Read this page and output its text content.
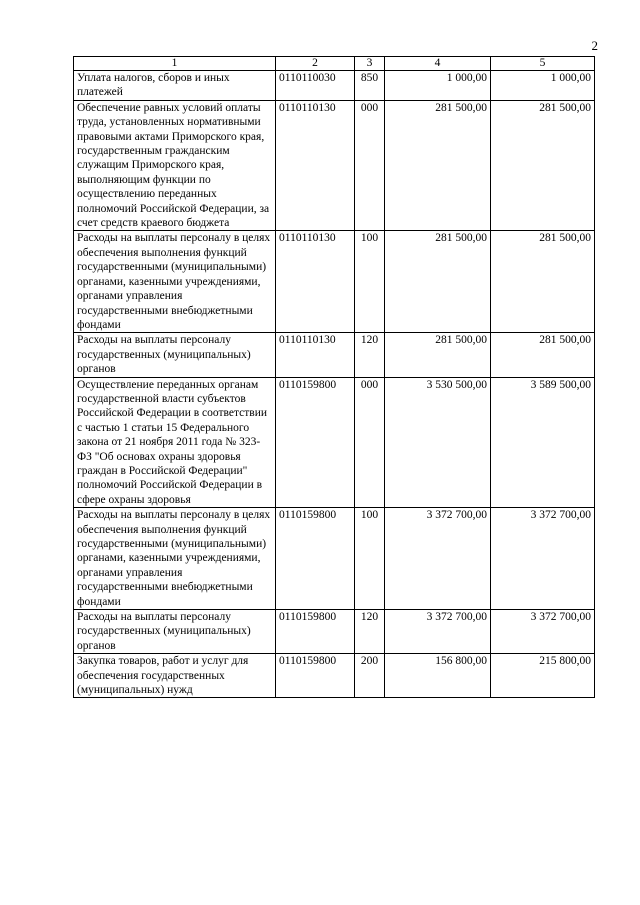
2
1	2	3	4	5
Уплата налогов, сборов и иных платежей	0110110030	850	1 000,00	1 000,00
Обеспечение равных условий оплаты труда, установленных нормативными правовыми актами Приморского края, государственным гражданским служащим Приморского края, выполняющим функции по осуществлению переданных полномочий Российской Федерации, за счет средств краевого бюджета	0110110130	000	281 500,00	281 500,00
Расходы на выплаты персоналу в целях обеспечения выполнения функций государственными (муниципальными) органами, казенными учреждениями, органами управления государственными внебюджетными фондами	0110110130	100	281 500,00	281 500,00
Расходы на выплаты персоналу государственных (муниципальных) органов	0110110130	120	281 500,00	281 500,00
Осуществление переданных органам государственной власти субъектов Российской Федерации в соответствии с частью 1 статьи 15 Федерального закона от 21 ноября 2011 года № 323-ФЗ "Об основах охраны здоровья граждан в Российской Федерации" полномочий Российской Федерации в сфере охраны здоровья	0110159800	000	3 530 500,00	3 589 500,00
Расходы на выплаты персоналу в целях обеспечения выполнения функций государственными (муниципальными) органами, казенными учреждениями, органами управления государственными внебюджетными фондами	0110159800	100	3 372 700,00	3 372 700,00
Расходы на выплаты персоналу государственных (муниципальных) органов	0110159800	120	3 372 700,00	3 372 700,00
Закупка товаров, работ и услуг для обеспечения государственных (муниципальных) нужд	0110159800	200	156 800,00	215 800,00
